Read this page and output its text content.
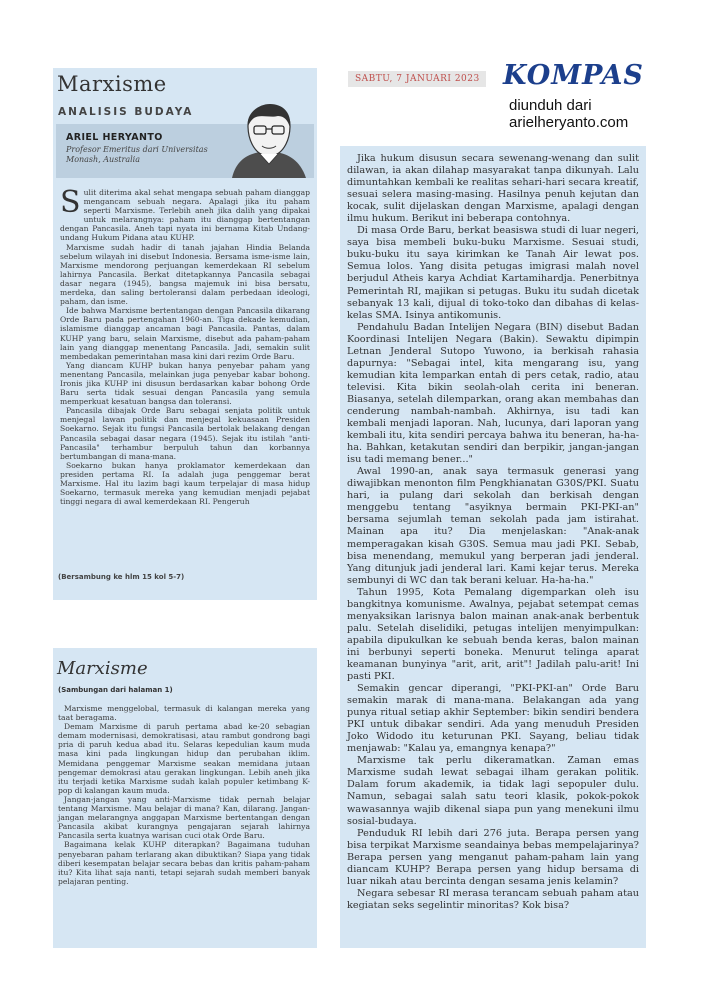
SABTU, 7 JANUARI 2023 KOMPAS
diunduh dari arielheryanto.com
Marxisme
ANALISIS BUDAYA
ARIEL HERYANTO
Profesor Emeritus dari Universitas Monash, Australia

Sulit diterima akal sehat mengapa sebuah paham dianggap mengancam sebuah negara. Apalagi jika itu paham seperti Marxisme. Terlebih aneh jika dalih yang dipakai untuk melarangnya: paham itu dianggap bertentangan dengan Pancasila. Aneh tapi nyata ini bernama Kitab Undang-undang Hukum Pidana atau KUHP.

Marxisme sudah hadir di tanah jajahan Hindia Belanda sebelum wilayah ini disebut Indonesia. Bersama isme-isme lain, Marxisme mendorong perjuangan kemerdekaan RI sebelum lahirnya Pancasila. Berkat ditetapkannya Pancasila sebagai dasar negara (1945), bangsa majemuk ini bisa bersatu, merdeka, dan saling bertoleransi dalam perbedaan ideologi, paham, dan isme.

Ide bahwa Marxisme bertentangan dengan Pancasila dikarang Orde Baru pada pertengahan 1960-an. Tiga dekade kemudian, islamisme dianggap ancaman bagi Pancasila. Pantas, dalam KUHP yang baru, selain Marxisme, disebut ada paham-paham lain yang dianggap menentang Pancasila. Jadi, semakin sulit membedakan pemerintahan masa kini dari rezim Orde Baru.

Yang diancam KUHP bukan hanya penyebar paham yang menentang Pancasila, melainkan juga penyebar kabar bohong. Ironis jika KUHP ini disusun berdasarkan kabar bohong Orde Baru serta tidak sesuai dengan Pancasila yang semula memperkuat kesatuan bangsa dan toleransi.

Pancasila dibajak Orde Baru sebagai senjata politik untuk menjegal lawan politik dan menjegal kekuasaan Presiden Soekarno. Sejak itu fungsi Pancasila bertolak belakang dengan Pancasila sebagai dasar negara (1945). Sejak itu istilah "anti-Pancasila" terhambur berpuluh tahun dan korbannya bertumbangan di mana-mana.

Soekarno bukan hanya proklamator kemerdekaan dan presiden pertama RI. Ia adalah juga penggemar berat Marxisme. Hal itu lazim bagi kaum terpelajar di masa hidup Soekarno, termasuk mereka yang kemudian menjadi pejabat tinggi negara di awal kemerdekaan RI. Pengeruh

(Bersambung ke hlm 15 kol 5-7)
Marxisme
(Sambungan dari halaman 1)

Marxisme menggelobal, termasuk di kalangan mereka yang taat beragama.

Demam Marxisme di paruh pertama abad ke-20 sebagian demam modernisasi, demokratisasi, atau rambut gondrong bagi pria di paruh kedua abad itu. Selaras kepedulian kaum muda masa kini pada lingkungan hidup dan perubahan iklim. Memidana penggemar Marxisme seakan memidana jutaan pengemar demokrasi atau gerakan lingkungan. Lebih aneh jika itu terjadi ketika Marxisme sudah kalah populer ketimbang K-pop di kalangan kaum muda.

Jangan-jangan yang anti-Marxisme tidak pernah belajar tentang Marxisme. Mau belajar di mana? Kan, dilarang. Jangan-jangan melarangnya anggapan Marxisme bertentangan dengan Pancasila akibat kurangnya pengajaran sejarah lahirnya Pancasila serta kuatnya warisan cuci otak Orde Baru.

Bagaimana kelak KUHP diterapkan? Bagaimana tuduhan penyebaran paham terlarang akan dibuktikan? Siapa yang tidak diberi kesempatan belajar secara bebas dan kritis paham-paham itu? Kita lihat saja nanti, tetapi sejarah sudah memberi banyak pelajaran penting.

Jika hukum disusun secara sewenang-wenang dan sulit dilawan, ia akan dilahap masyarakat tanpa dikunyah. Lalu dimuntahkan kembali ke realitas sehari-hari secara kreatif, sesuai selera masing-masing. Hasilnya penuh kejutan dan kocak, sulit dijelaskan dengan Marxisme, apalagi dengan ilmu hukum. Berikut ini beberapa contohnya.

Di masa Orde Baru, berkat beasiswa studi di luar negeri, saya bisa membeli buku-buku Marxisme. Sesuai studi, buku-buku itu saya kirimkan ke Tanah Air lewat pos. Semua lolos. Yang disita petugas imigrasi malah novel berjudul Atheis karya Achdiat Kartamihardja. Penerbitnya Pemerintah RI, majikan si petugas. Buku itu sudah dicetak sebanyak 13 kali, dijual di toko-toko dan dibahas di kelas-kelas SMA. Isinya antikomunis.

Pendahulu Badan Intelijen Negara (BIN) disebut Badan Koordinasi Intelijen Negara (Bakin). Sewaktu dipimpin Letnan Jenderal Sutopo Yuwono, ia berkisah rahasia dapurnya: "Sebagai intel, kita mengarang isu, yang kemudian kita lemparkan entah di pers cetak, radio, atau televisi. Kita bikin seolah-olah cerita ini beneran. Biasanya, setelah dilemparkan, orang akan membahas dan cenderung nambah-nambah. Akhirnya, isu tadi kan kembali menjadi laporan. Nah, lucunya, dari laporan yang kembali itu, kita sendiri percaya bahwa itu beneran, ha-ha-ha. Bahkan, ketakutan sendiri dan berpikir, jangan-jangan isu tadi memang bener..."

Awal 1990-an, anak saya termasuk generasi yang diwajibkan menonton film Pengkhianatan G30S/PKI. Suatu hari, ia pulang dari sekolah dan berkisah dengan menggebu tentang "asyiknya bermain PKI-PKI-an" bersama sejumlah teman sekolah pada jam istirahat. Mainan apa itu? Dia menjelaskan: "Anak-anak memperagakan kisah G30S. Semua mau jadi PKI. Sebab, bisa menendang, memukul yang berperan jadi jenderal. Yang ditunjuk jadi jenderal lari. Kami kejar terus. Mereka sembunyi di WC dan tak berani keluar. Ha-ha-ha."

Tahun 1995, Kota Pemalang digemparkan oleh isu bangkitnya komunisme. Awalnya, pejabat setempat cemas menyaksikan larisnya balon mainan anak-anak berbentuk palu. Setelah diselidiki, petugas intelijen menyimpulkan: apabila dipukulkan ke sebuah benda keras, balon mainan ini berbunyi seperti boneka. Menurut telinga aparat keamanan bunyinya "arit, arit, arit"! Jadilah palu-arit! Ini pasti PKI.

Semakin gencar diperangi, "PKI-PKI-an" Orde Baru semakin marak di mana-mana. Belakangan ada yang punya ritual setiap akhir September: bikin sendiri bendera PKI untuk dibakar sendiri. Ada yang menuduh Presiden Joko Widodo itu keturunan PKI. Sayang, beliau tidak menjawab: "Kalau ya, emangnya kenapa?"

Marxisme tak perlu dikeramatkan. Zaman emas Marxisme sudah lewat sebagai ilham gerakan politik. Dalam forum akademik, ia tidak lagi sepopuler dulu. Namun, sebagai salah satu teori klasik, pokok-pokok wawasannya wajib dikenal siapa pun yang menekuni ilmu sosial-budaya.

Penduduk RI lebih dari 276 juta. Berapa persen yang bisa terpikat Marxisme seandainya bebas mempelajarinya? Berapa persen yang menganut paham-paham lain yang diancam KUHP? Berapa persen yang hidup bersama di luar nikah atau bercinta dengan sesama jenis kelamin?

Negara sebesar RI merasa terancam sebuah paham atau kegiatan seks segelintir minoritas? Kok bisa?
